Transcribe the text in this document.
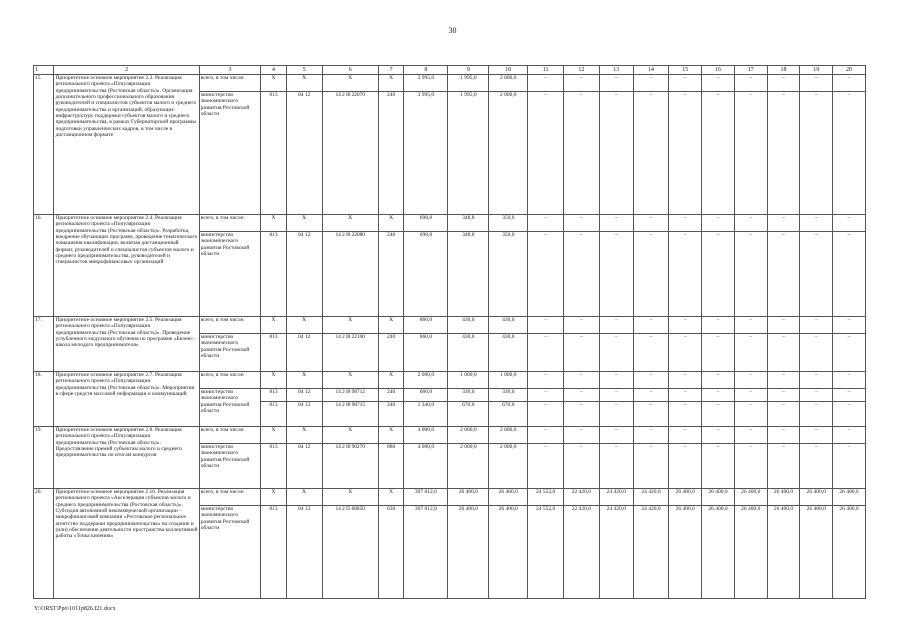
30
1	2	3	4	5	6	7	8	9	10	11	12	13	14	15	16	17	18	19	20
15.	Приоритетное основное мероприятие 2.3. Реализация регионального проекта «Популяризация предпринимательства (Ростовская область)». Организация дополнительного профессионального образования руководителей и специалистов субъектов малого и среднего предпринимательства и организаций, образующих инфраструктуру поддержки субъектов малого и среднего предпринимательства, в рамках Губернаторской программы подготовки управленческих кадров, в том числе в дистанционном формате	всего, в том числе:	X	X	X	X	3 995,0	1 995,0	2 000,0	–	–	–	–	–	–	–	–	–	–
		министерство экономического развития Ростовской области	813	04 12	14 2 I8 22070	240	3 995,0	1 995,0	2 000,0	–	–	–	–	–	–	–	–	–	–
16.	Приоритетное основное мероприятие 2.4. Реализация регионального проекта «Популяризация предпринимательства (Ростовская область)». Разработка, внедрение обучающих программ, проведение тематического повышения квалификации, включая дистанционный формат, руководителей и специалистов субъектов малого и среднего предпринимательства, руководителей и специалистов микрофинансовых организаций	всего, в том числе:	X	X	X	X	698,8	348,8	350,0	–	–	–	–	–	–	–	–	–	–
		министерство экономического развития Ростовской области	813	04 12	14 2 I8 22080	240	698,8	348,8	350,0	–	–	–	–	–	–	–	–	–	–
17.	Приоритетное основное мероприятие 2.5. Реализация регионального проекта «Популяризация предпринимательства (Ростовская область)». Проведение углубленного модульного обучения по программе «Бизнес-школа молодого предпринимателя»	всего, в том числе:	X	X	X	X	860,0	430,0	430,0	–	–	–	–	–	–	–	–	–	–
		министерство экономического развития Ростовской области	813	04 12	14 2 I8 22100	240	860,0	430,0	430,0	–	–	–	–	–	–	–	–	–	–
18.	Приоритетное основное мероприятие 2.7. Реализация регионального проекта «Популяризация предпринимательства (Ростовская область)». Мероприятия в сфере средств массовой информации и коммуникаций	всего, в том числе:	X	X	X	X	2 000,0	1 000,0	1 000,0	–	–	–	–	–	–	–	–	–	–
		министерство экономического развития Ростовской области	813	04 12	14 2 I8 98712	240	660,0	330,0	330,0	–	–	–	–	–	–	–	–	–	–
			813	04 12	14 2 I8 98715	240	1 340,0	670,0	670,0	–	–	–	–	–	–	–	–	–	–
19.	Приоритетное основное мероприятие 2.8. Реализация регионального проекта «Популяризация предпринимательства (Ростовская область)». Предоставление премий субъектам малого и среднего предпринимательства по итогам конкурсов	всего, в том числе:	X	X	X	X	4 000,0	2 000,0	2 000,0	–	–	–	–	–	–	–	–	–	–
		министерство экономического развития Ростовской области	813	04 12	14 2 I8 90270	880	4 000,0	2 000,0	2 000,0	–	–	–	–	–	–	–	–	–	–
20.	Приоритетное основное мероприятие 2.10. Реализация регионального проекта «Акселерация субъектов малого и среднего предпринимательства (Ростовская область)». Субсидия автономной некоммерческой организации – микрофинансовой компании «Ростовское региональное агентство поддержки предпринимательства» на создание и (или) обеспечение деятельности пространства коллективной работы «Точка кипения»	всего, в том числе:	X	X	X	X	307 012,0	26 400,0	26 400,0	24 552,0	22 420,0	24 420,0	24 420,0	26 400,0	26 400,0	26 400,0	26 400,0	26 400,0	26 400,0
		министерство экономического развития Ростовской области	813	04 12	14 2 I5 68850	630	307 012,0	26 400,0	26 400,0	24 552,0	22 420,0	24 420,0	24 420,0	26 400,0	26 400,0	26 400,0	26 400,0	26 400,0	26 400,0
Y:\ORST\Ppo\1011p826.f21.docx
